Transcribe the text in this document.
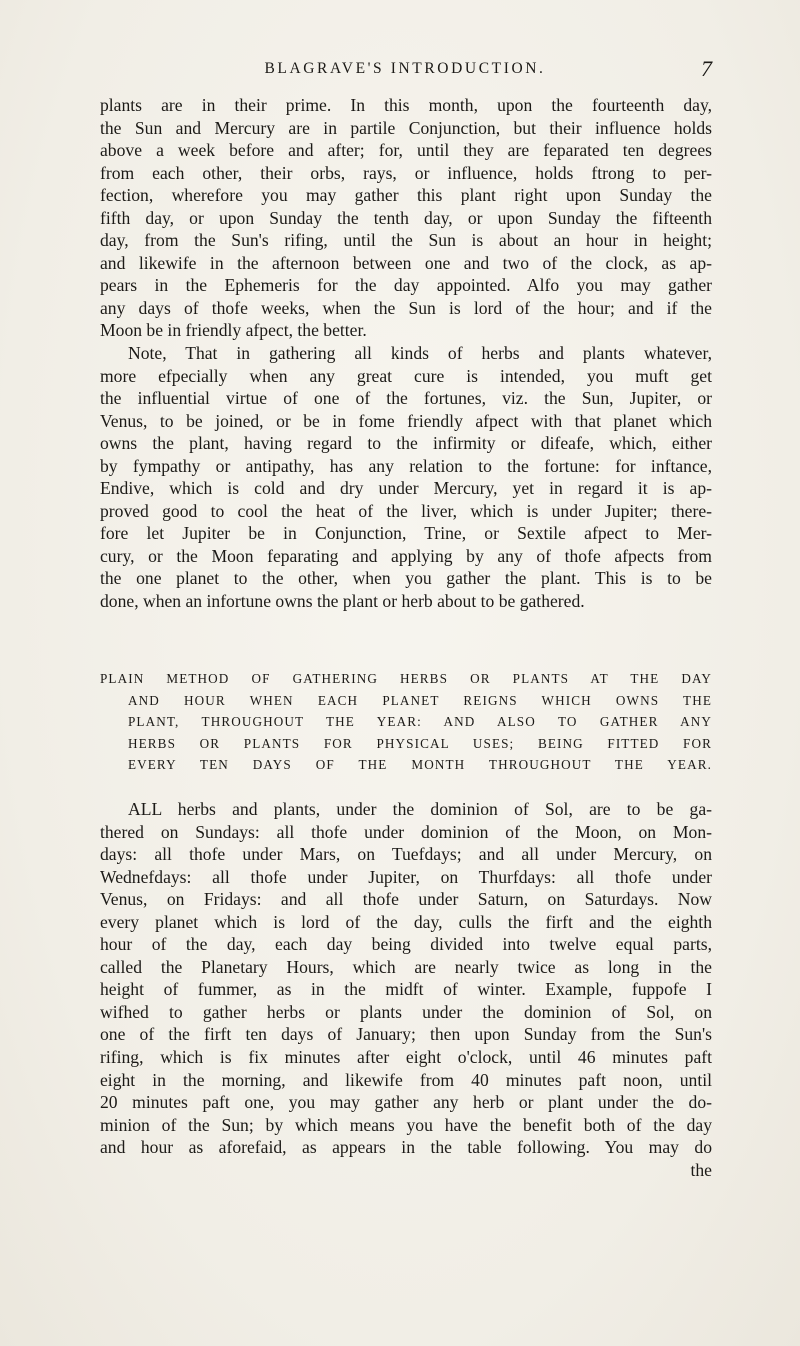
BLAGRAVE'S INTRODUCTION.	7
plants are in their prime. In this month, upon the fourteenth day,
the Sun and Mercury are in partile Conjunction, but their influence holds
above a week before and after; for, until they are feparated ten degrees
from each other, their orbs, rays, or influence, holds ftrong to per-
fection, wherefore you may gather this plant right upon Sunday the
fifth day, or upon Sunday the tenth day, or upon Sunday the fifteenth
day, from the Sun's rifing, until the Sun is about an hour in height;
and likewife in the afternoon between one and two of the clock, as ap-
pears in the Ephemeris for the day appointed. Alfo you may gather
any days of thofe weeks, when the Sun is lord of the hour; and if the
Moon be in friendly afpect, the better.
Note, That in gathering all kinds of herbs and plants whatever,
more efpecially when any great cure is intended, you muft get
the influential virtue of one of the fortunes, viz. the Sun, Jupiter, or
Venus, to be joined, or be in fome friendly afpect with that planet which
owns the plant, having regard to the infirmity or difeafe, which, either
by fympathy or antipathy, has any relation to the fortune: for inftance,
Endive, which is cold and dry under Mercury, yet in regard it is ap-
proved good to cool the heat of the liver, which is under Jupiter; there-
fore let Jupiter be in Conjunction, Trine, or Sextile afpect to Mer-
cury, or the Moon feparating and applying by any of thofe afpects from
the one planet to the other, when you gather the plant. This is to be
done, when an infortune owns the plant or herb about to be gathered.
PLAIN METHOD OF GATHERING HERBS OR PLANTS AT THE DAY
AND HOUR WHEN EACH PLANET REIGNS WHICH OWNS THE
PLANT, THROUGHOUT THE YEAR: AND ALSO TO GATHER ANY
HERBS OR PLANTS FOR PHYSICAL USES; BEING FITTED FOR
EVERY TEN DAYS OF THE MONTH THROUGHOUT THE YEAR.
ALL herbs and plants, under the dominion of Sol, are to be ga-
thered on Sundays: all thofe under dominion of the Moon, on Mon-
days: all thofe under Mars, on Tuefdays; and all under Mercury, on
Wednefdays: all thofe under Jupiter, on Thurfdays: all thofe under
Venus, on Fridays: and all thofe under Saturn, on Saturdays. Now
every planet which is lord of the day, culls the firft and the eighth
hour of the day, each day being divided into twelve equal parts,
called the Planetary Hours, which are nearly twice as long in the
height of fummer, as in the midft of winter. Example, fuppofe I
wifhed to gather herbs or plants under the dominion of Sol, on
one of the firft ten days of January; then upon Sunday from the Sun's
rifing, which is fix minutes after eight o'clock, until 46 minutes paft
eight in the morning, and likewife from 40 minutes paft noon, until
20 minutes paft one, you may gather any herb or plant under the do-
minion of the Sun; by which means you have the benefit both of the day
and hour as aforefaid, as appears in the table following. You may do
the
